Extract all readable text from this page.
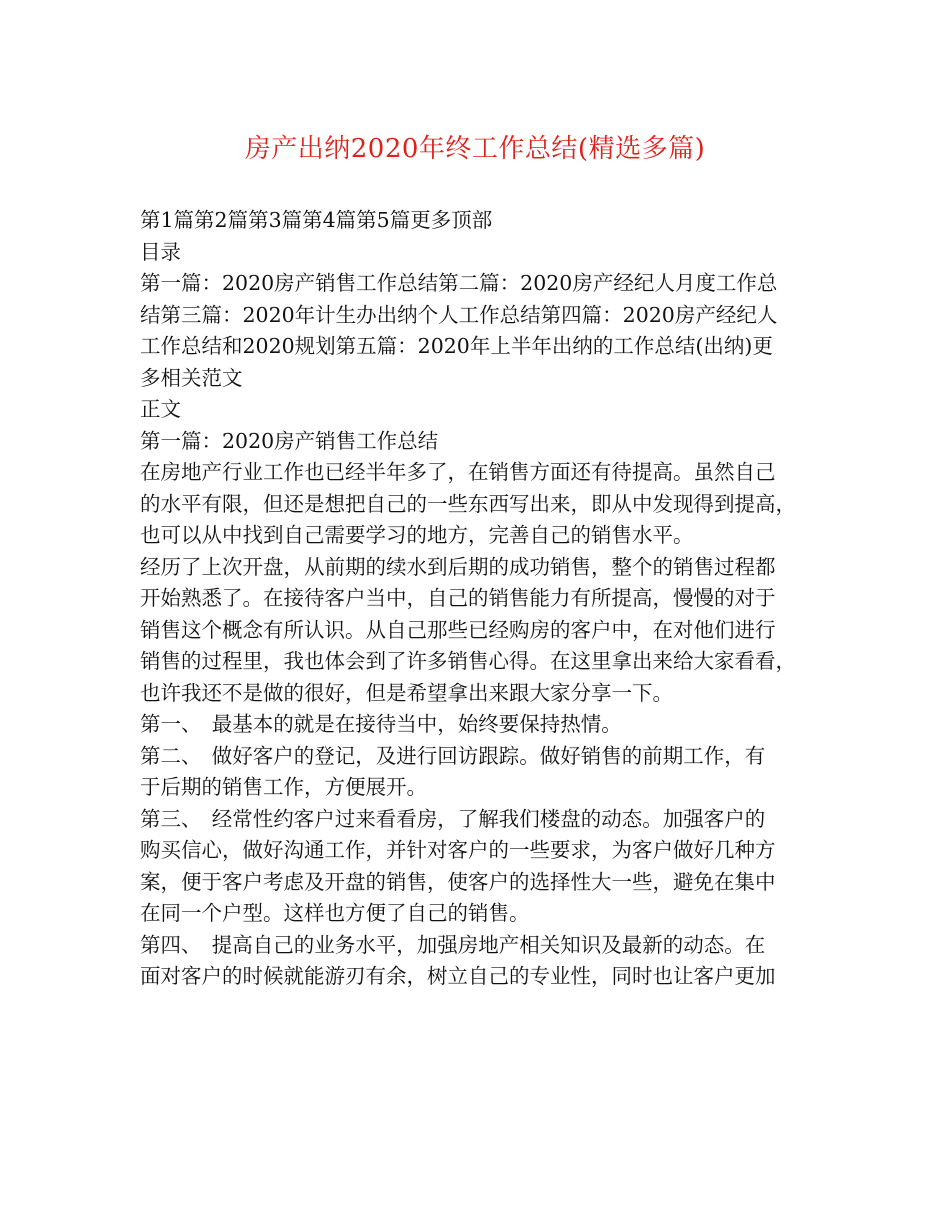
房产出纳2020年终工作总结(精选多篇)
第1篇第2篇第3篇第4篇第5篇更多顶部
目录
第一篇：2020房产销售工作总结第二篇：2020房产经纪人月度工作总
结第三篇：2020年计生办出纳个人工作总结第四篇：2020房产经纪人
工作总结和2020规划第五篇：2020年上半年出纳的工作总结(出纳)更
多相关范文
正文
第一篇：2020房产销售工作总结
在房地产行业工作也已经半年多了，在销售方面还有待提高。虽然自己
的水平有限，但还是想把自己的一些东西写出来，即从中发现得到提高，
也可以从中找到自己需要学习的地方，完善自己的销售水平。
经历了上次开盘，从前期的续水到后期的成功销售，整个的销售过程都
开始熟悉了。在接待客户当中，自己的销售能力有所提高，慢慢的对于
销售这个概念有所认识。从自己那些已经购房的客户中，在对他们进行
销售的过程里，我也体会到了许多销售心得。在这里拿出来给大家看看，
也许我还不是做的很好，但是希望拿出来跟大家分享一下。
第一、　最基本的就是在接待当中，始终要保持热情。
第二、　做好客户的登记，及进行回访跟踪。做好销售的前期工作，有
于后期的销售工作，方便展开。
第三、　经常性约客户过来看看房，了解我们楼盘的动态。加强客户的
购买信心，做好沟通工作，并针对客户的一些要求，为客户做好几种方
案，便于客户考虑及开盘的销售，使客户的选择性大一些，避免在集中
在同一个户型。这样也方便了自己的销售。
第四、　提高自己的业务水平，加强房地产相关知识及最新的动态。在
面对客户的时候就能游刃有余，树立自己的专业性，同时也让客户更加
